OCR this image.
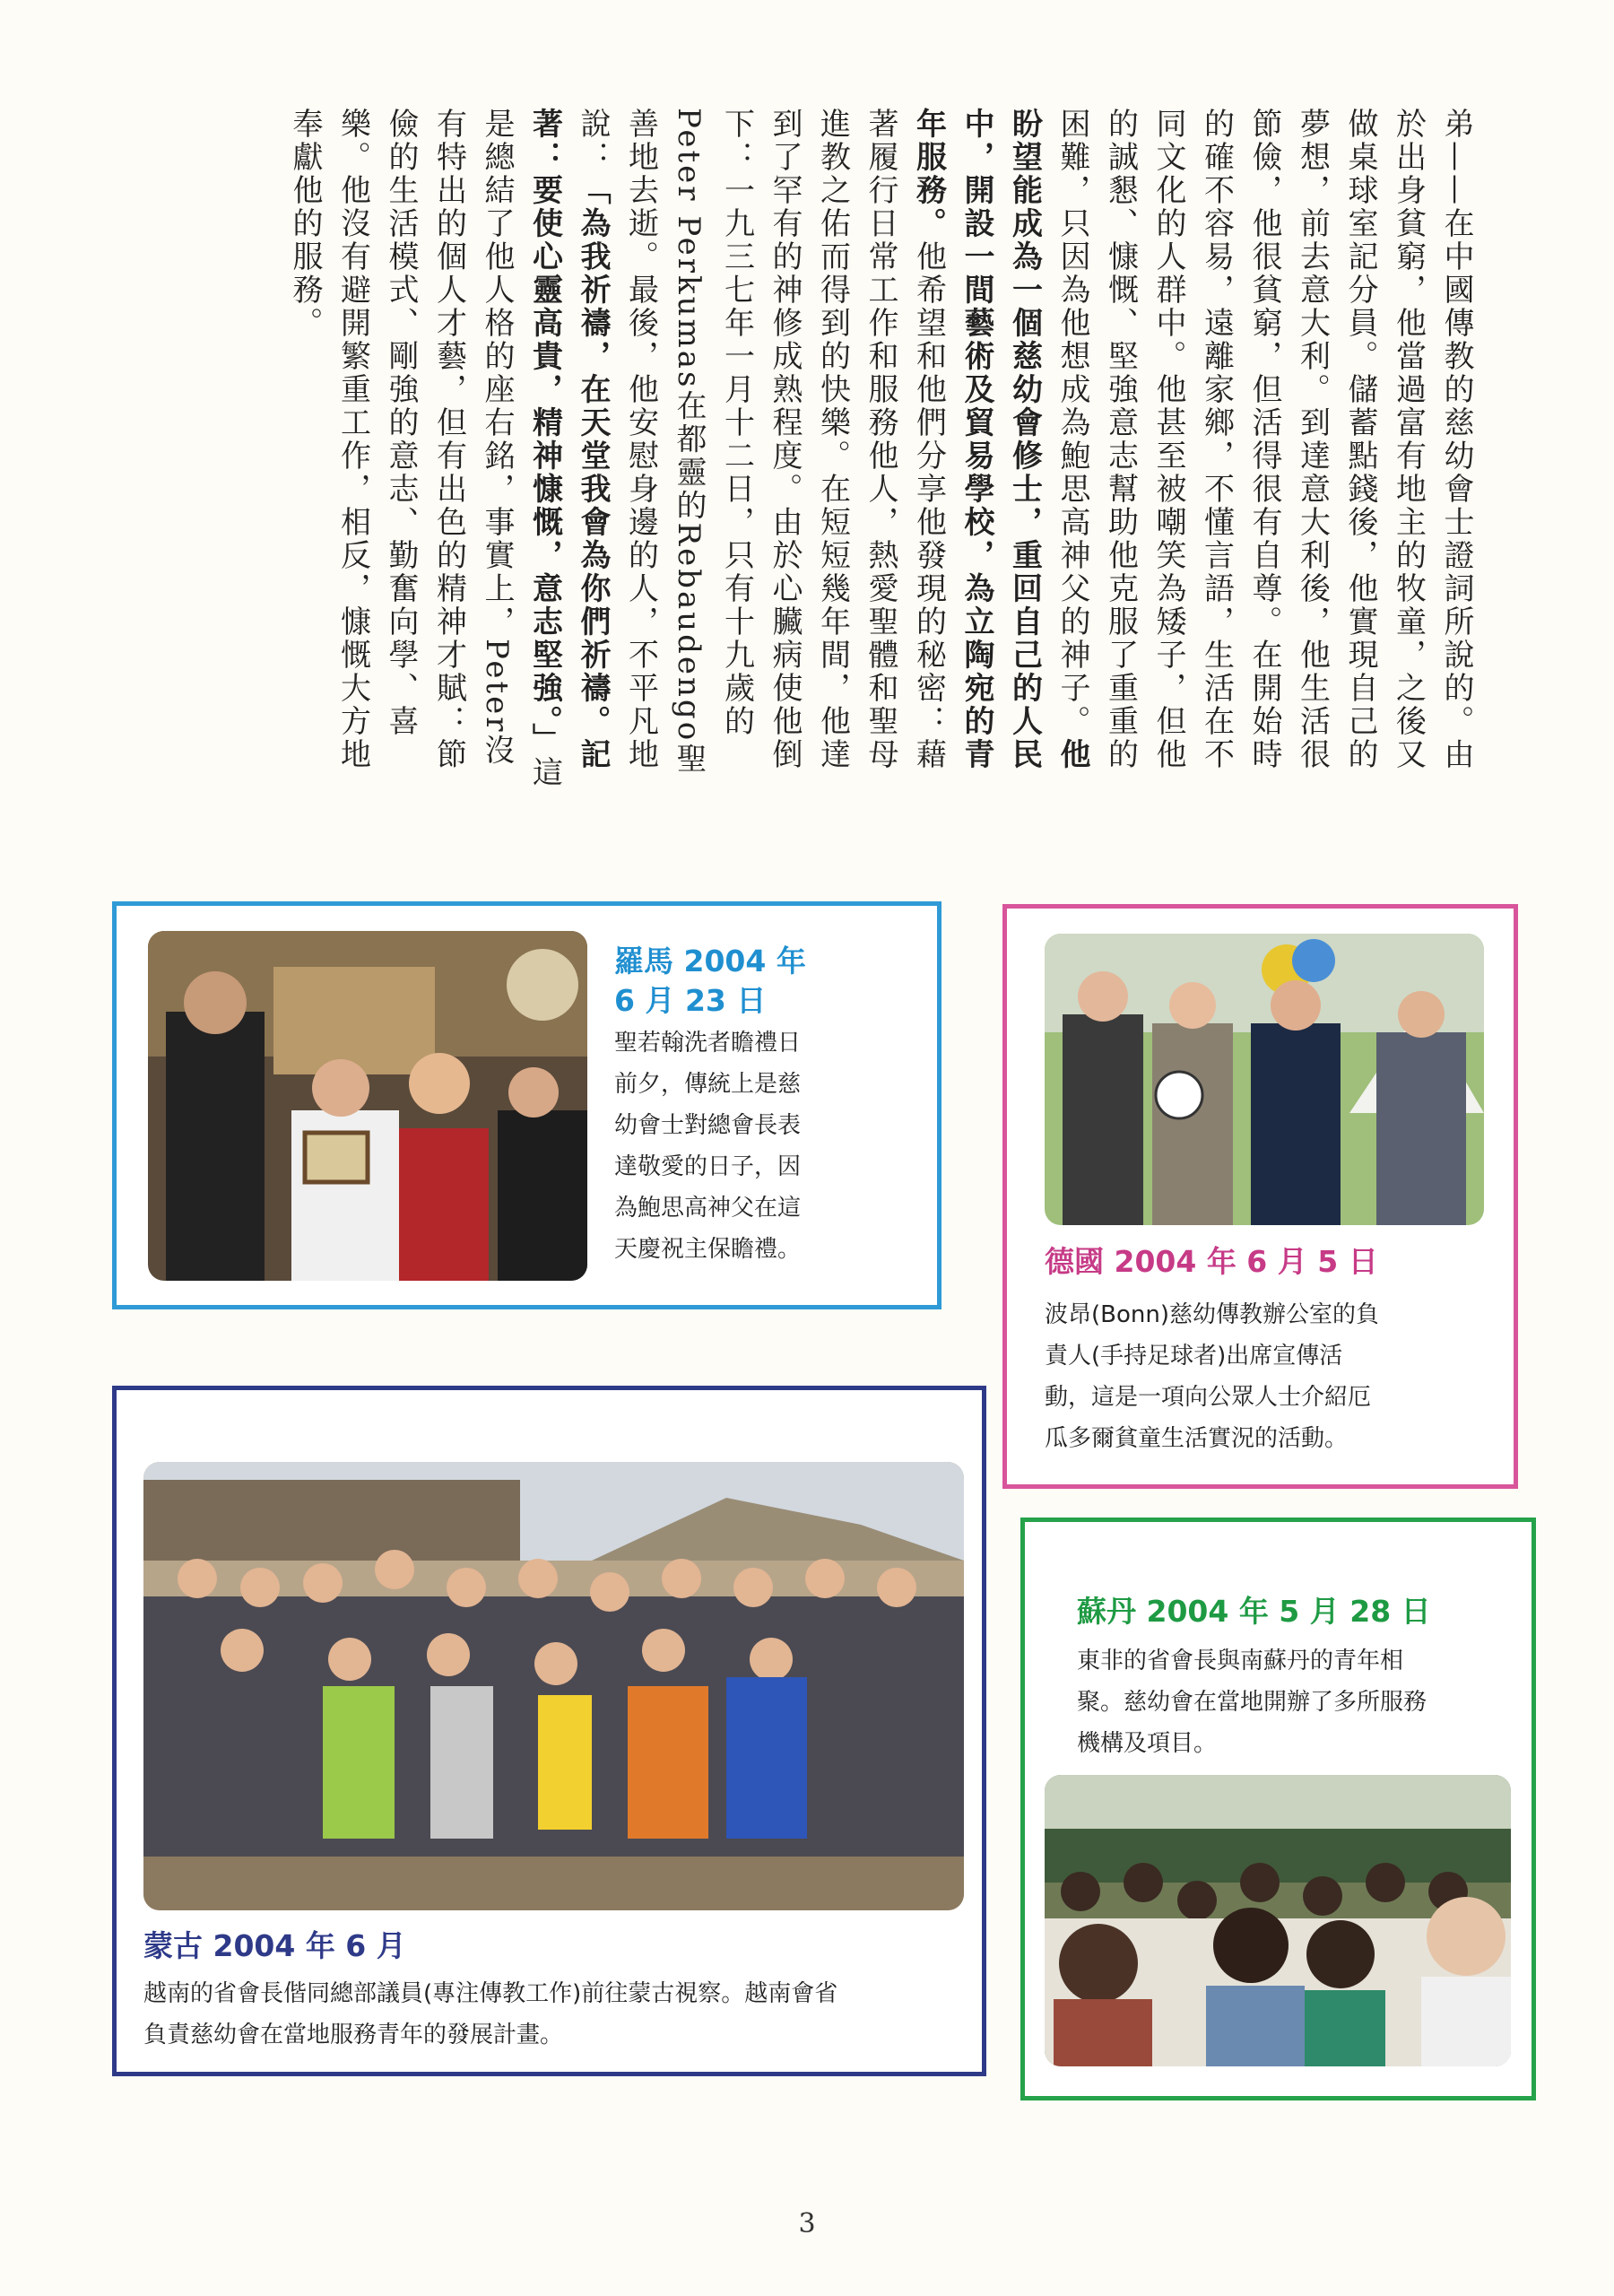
弟——在中國傳教的慈幼會士證詞所說的。由於出身貧窮，他當過富有地主的牧童，之後又做桌球室記分員。儲蓄點錢後，他實現自己的夢想，前去意大利。到達意大利後，他生活很節儉，他很貧窮，但活得很有自尊。在開始時的確不容易，遠離家鄉，不懂言語，生活在不同文化的人群中。他甚至被嘲笑為矮子，但他的誠懇、慷慨、堅強意志幫助他克服了重重的困難，只因為他想成為鮑思高神父的神子。他盼望能成為一個慈幼會修士，重回自己的人民中，開設一間藝術及貿易學校，為立陶宛的青年服務。他希望和他們分享他發現的秘密：藉著履行日常工作和服務他人，熱愛聖體和聖母進教之佑而得到的快樂。在短短幾年間，他達到了罕有的神修成熟程度。由於心臟病使他倒下：一九三七年一月十二日，只有十九歲的Peter Perkumas在都靈的Rebaudengo聖善地去逝。最後，他安慰身邊的人，不平凡地說：「為我祈禱，在天堂我會為你們祈禱。記著：要使心靈高貴，精神慷慨，意志堅強。」這是總結了他人格的座右銘，事實上，Peter沒有特出的個人才藝，但有出色的精神才賦：節儉的生活模式、剛強的意志、勤奮向學、喜樂。他沒有避開繁重工作，相反，慷慨大方地奉獻他的服務。

羅馬 2004 年
6 月 23 日
聖若翰洗者瞻禮日
前夕，傳統上是慈
幼會士對總會長表
達敬愛的日子，因
為鮑思高神父在這
天慶祝主保瞻禮。	德國 2004 年 6 月 5 日
波昂(Bonn)慈幼傳教辦公室的負
責人(手持足球者)出席宣傳活
動，這是一項向公眾人士介紹厄
瓜多爾貧童生活實況的活動。
蒙古 2004 年 6 月
越南的省會長偕同總部議員(專注傳教工作)前往蒙古視察。越南會省
負責慈幼會在當地服務青年的發展計畫。
蘇丹 2004 年 5 月 28 日
東非的省會長與南蘇丹的青年相
聚。慈幼會在當地開辦了多所服務
機構及項目。
3
